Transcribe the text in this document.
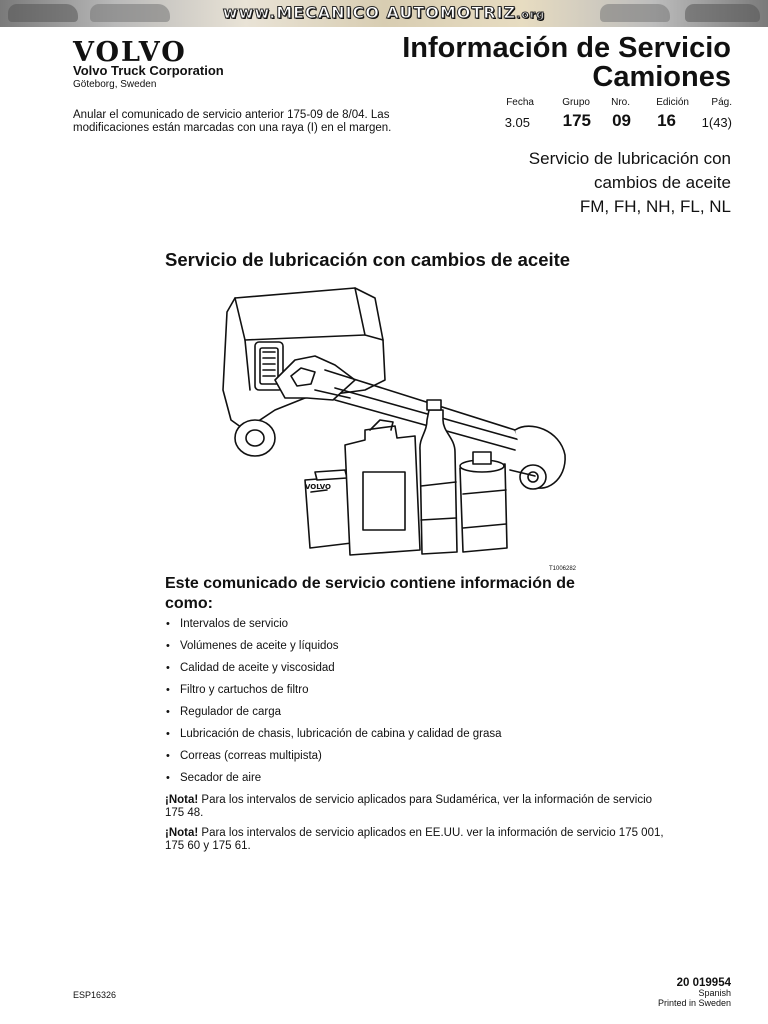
www.MECANICO AUTOMOTRIZ.org
VOLVO
Volvo Truck Corporation
Göteborg, Sweden
Información de Servicio
Camiones
Fecha	Grupo Nro.	Edición Pág.
3.05 175 09 16 1(43)
Anular el comunicado de servicio anterior 175-09 de 8/04. Las modificaciones están marcadas con una raya (I) en el margen.
Servicio de lubricación con
cambios de aceite
FM, FH, NH, FL, NL
Servicio de lubricación con cambios de aceite
VOLVO
T1006282
Este comunicado de servicio contiene información de como:
• Intervalos de servicio
• Volúmenes de aceite y líquidos
• Calidad de aceite y viscosidad
• Filtro y cartuchos de filtro
• Regulador de carga
• Lubricación de chasis, lubricación de cabina y calidad de grasa
• Correas (correas multipista)
• Secador de aire
¡Nota! Para los intervalos de servicio aplicados para Sudamérica, ver la información de servicio 175 48.
¡Nota! Para los intervalos de servicio aplicados en EE.UU. ver la información de servicio 175 001, 175 60 y 175 61.
ESP16326
20 019954
Spanish
Printed in Sweden
